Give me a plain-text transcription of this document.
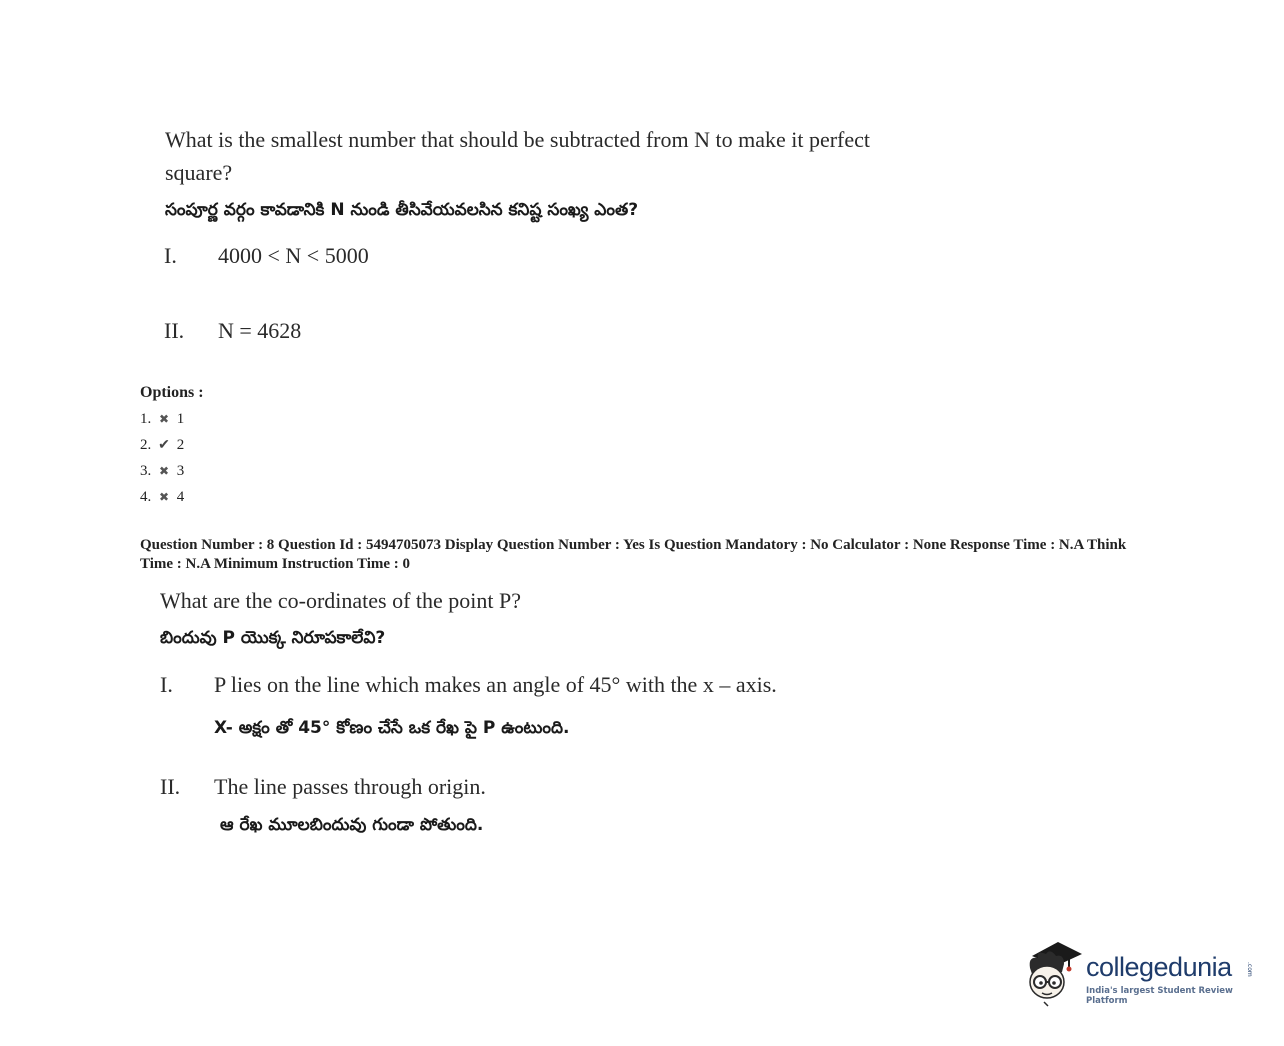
What is the smallest number that should be subtracted from N to make it perfect
square?
సంపూర్ణ వర్గం కావడానికి N నుండి తీసివేయవలసిన కనిష్ట సంఖ్య ఎంత?
I. 4000 < N < 5000
II. N = 4628
Options :
1. ✖ 1
2. ✔ 2
3. ✖ 3
4. ✖ 4
Question Number : 8 Question Id : 5494705073 Display Question Number : Yes Is Question Mandatory : No Calculator : None Response Time : N.A Think Time : N.A Minimum Instruction Time : 0
What are the co-ordinates of the point P?
బిందువు P యొక్క నిరూపకాలేవి?
I. P lies on the line which makes an angle of 45° with the x – axis.
X- అక్షం తో 45° కోణం చేసే ఒక రేఖ పై P ఉంటుంది.
II. The line passes through origin.
ఆ రేఖ మూలబిందువు గుండా పోతుంది.
collegedunia .com
India's largest Student Review Platform
